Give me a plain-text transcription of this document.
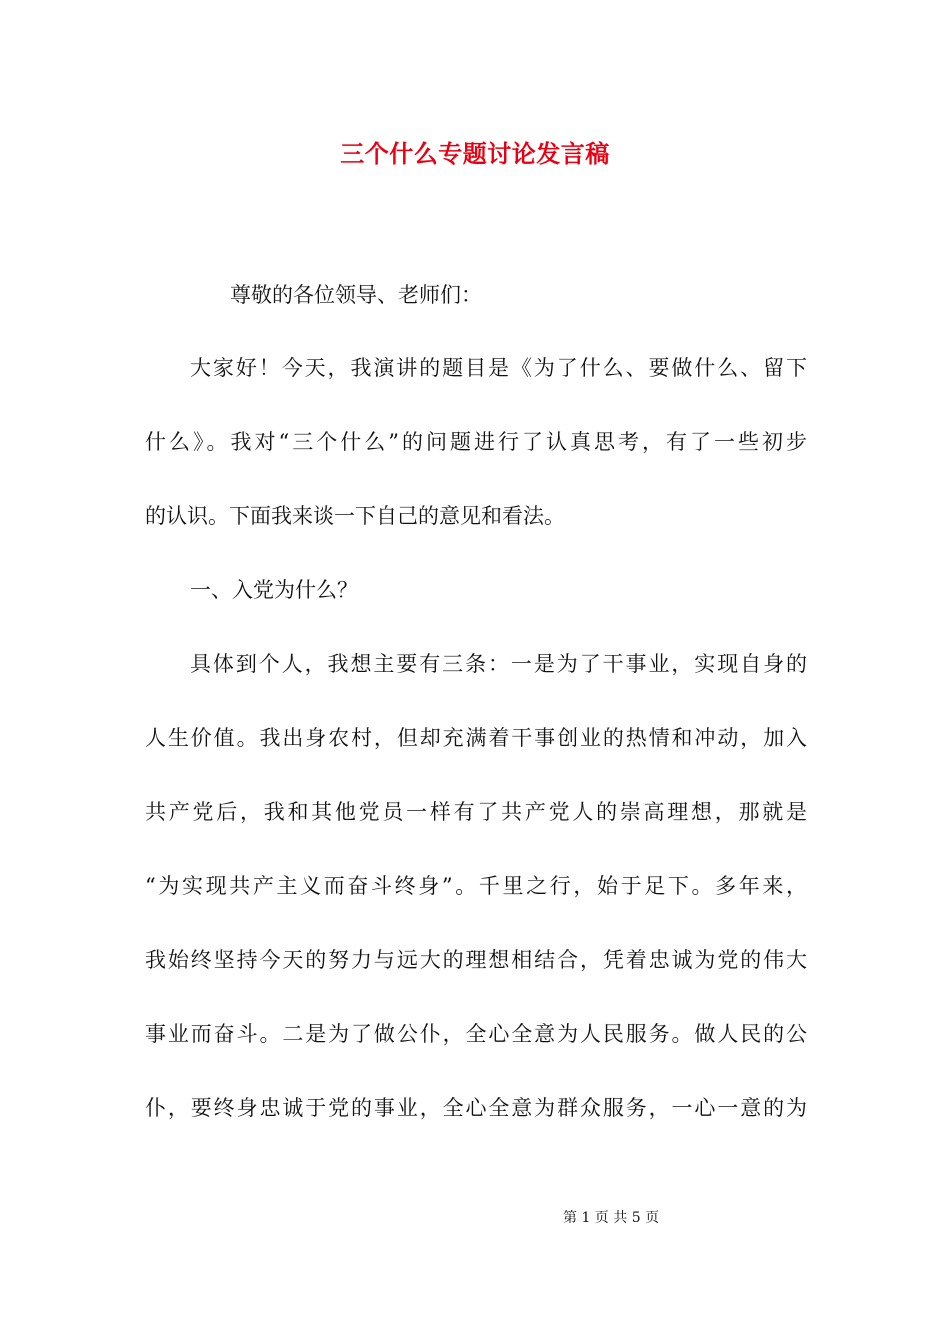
三个什么专题讨论发言稿
尊敬的各位领导、老师们：
大家好！今天，我演讲的题目是《为了什么、要做什么、留下
什么》。我对“三个什么”的问题进行了认真思考，有了一些初步
的认识。下面我来谈一下自己的意见和看法。
一、入党为什么？
具体到个人，我想主要有三条：一是为了干事业，实现自身的
人生价值。我出身农村，但却充满着干事创业的热情和冲动，加入
共产党后，我和其他党员一样有了共产党人的崇高理想，那就是
“为实现共产主义而奋斗终身”。千里之行，始于足下。多年来，
我始终坚持今天的努力与远大的理想相结合，凭着忠诚为党的伟大
事业而奋斗。二是为了做公仆，全心全意为人民服务。做人民的公
仆，要终身忠诚于党的事业，全心全意为群众服务，一心一意的为
第 1 页 共 5 页
